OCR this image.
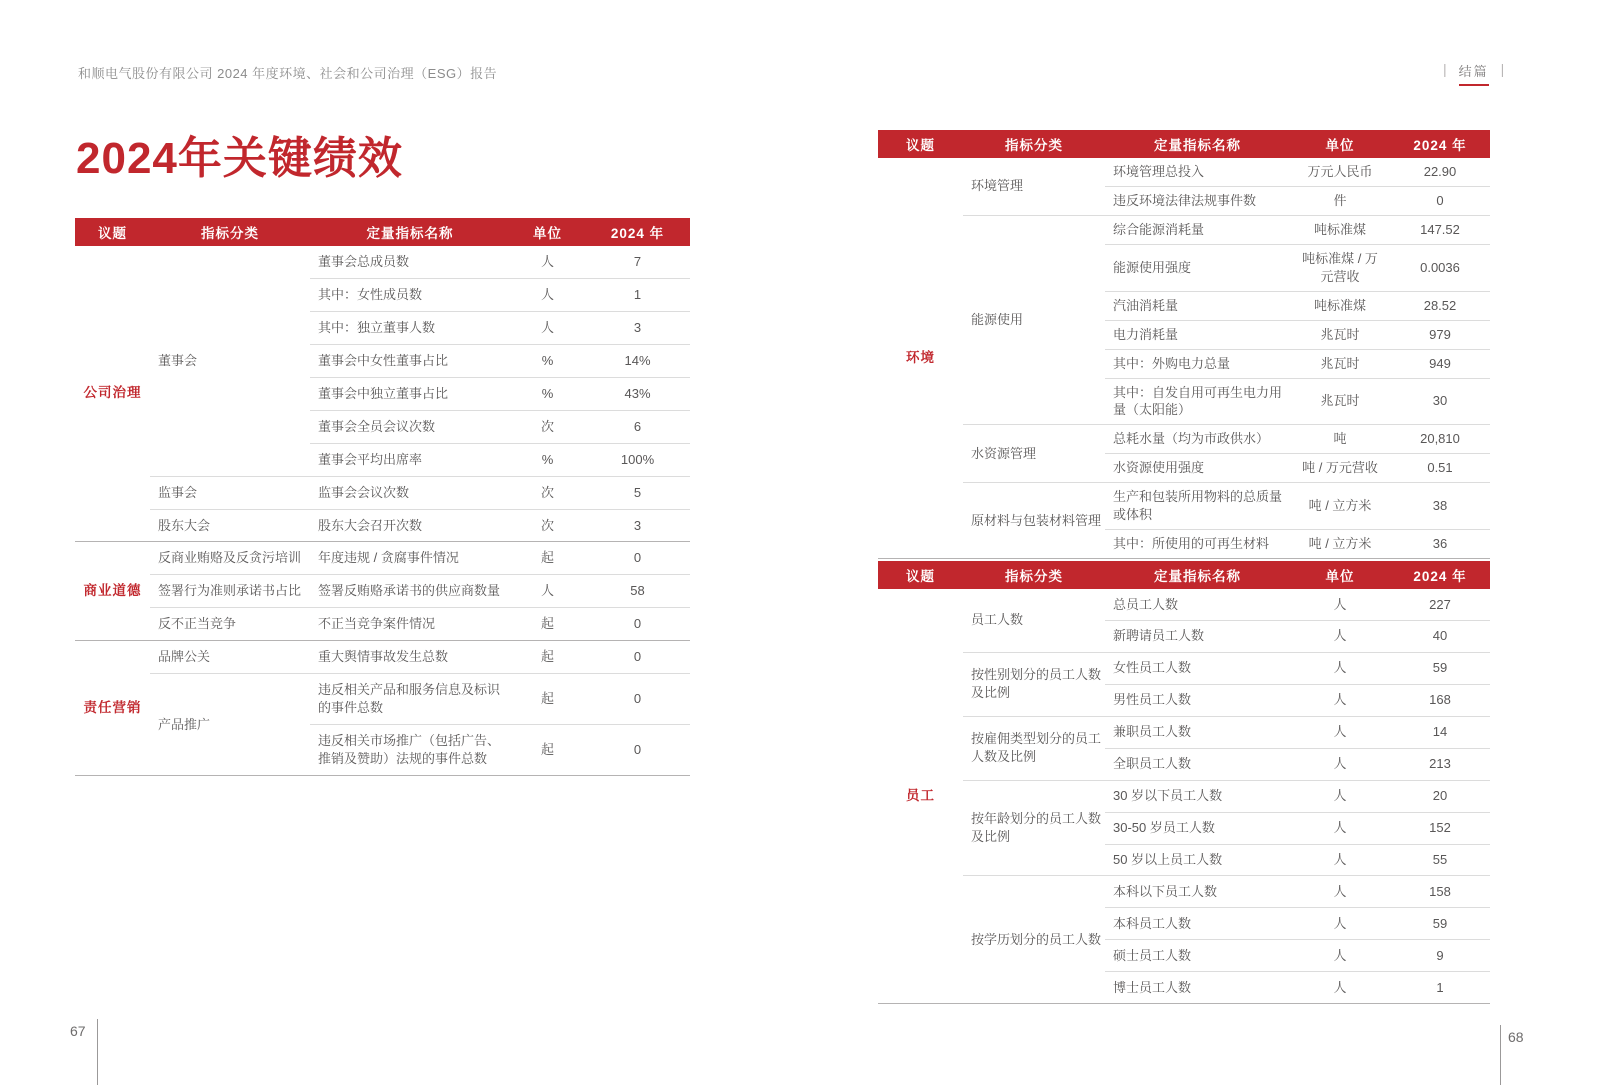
和顺电气股份有限公司 2024 年度环境、社会和公司治理（ESG）报告	| 结篇 |
2024年关键绩效
议题	指标分类	定量指标名称	单位	2024 年
公司治理	董事会	董事会总成员数	人	7
		其中：女性成员数	人	1
		其中：独立董事人数	人	3
		董事会中女性董事占比	%	14%
		董事会中独立董事占比	%	43%
		董事会全员会议次数	次	6
		董事会平均出席率	%	100%
	监事会	监事会会议次数	次	5
	股东大会	股东大会召开次数	次	3
商业道德	反商业贿赂及反贪污培训	年度违规 / 贪腐事件情况	起	0
	签署行为准则承诺书占比	签署反贿赂承诺书的供应商数量	人	58
	反不正当竞争	不正当竞争案件情况	起	0
责任营销	品牌公关	重大舆情事故发生总数	起	0
	产品推广	违反相关产品和服务信息及标识的事件总数	起	0
		违反相关市场推广（包括广告、推销及赞助）法规的事件总数	起	0
议题	指标分类	定量指标名称	单位	2024 年
环境	环境管理	环境管理总投入	万元人民币	22.90
		违反环境法律法规事件数	件	0
	能源使用	综合能源消耗量	吨标准煤	147.52
		能源使用强度	吨标准煤 / 万元营收	0.0036
		汽油消耗量	吨标准煤	28.52
		电力消耗量	兆瓦时	979
		其中：外购电力总量	兆瓦时	949
		其中：自发自用可再生电力用量（太阳能）	兆瓦时	30
	水资源管理	总耗水量（均为市政供水）	吨	20,810
		水资源使用强度	吨 / 万元营收	0.51
	原材料与包装材料管理	生产和包装所用物料的总质量或体积	吨 / 立方米	38
		其中：所使用的可再生材料	吨 / 立方米	36
议题	指标分类	定量指标名称	单位	2024 年
员工	员工人数	总员工人数	人	227
		新聘请员工人数	人	40
	按性别划分的员工人数及比例	女性员工人数	人	59
		男性员工人数	人	168
	按雇佣类型划分的员工人数及比例	兼职员工人数	人	14
		全职员工人数	人	213
	按年龄划分的员工人数及比例	30 岁以下员工人数	人	20
		30-50 岁员工人数	人	152
		50 岁以上员工人数	人	55
	按学历划分的员工人数	本科以下员工人数	人	158
		本科员工人数	人	59
		硕士员工人数	人	9
		博士员工人数	人	1
67	68
